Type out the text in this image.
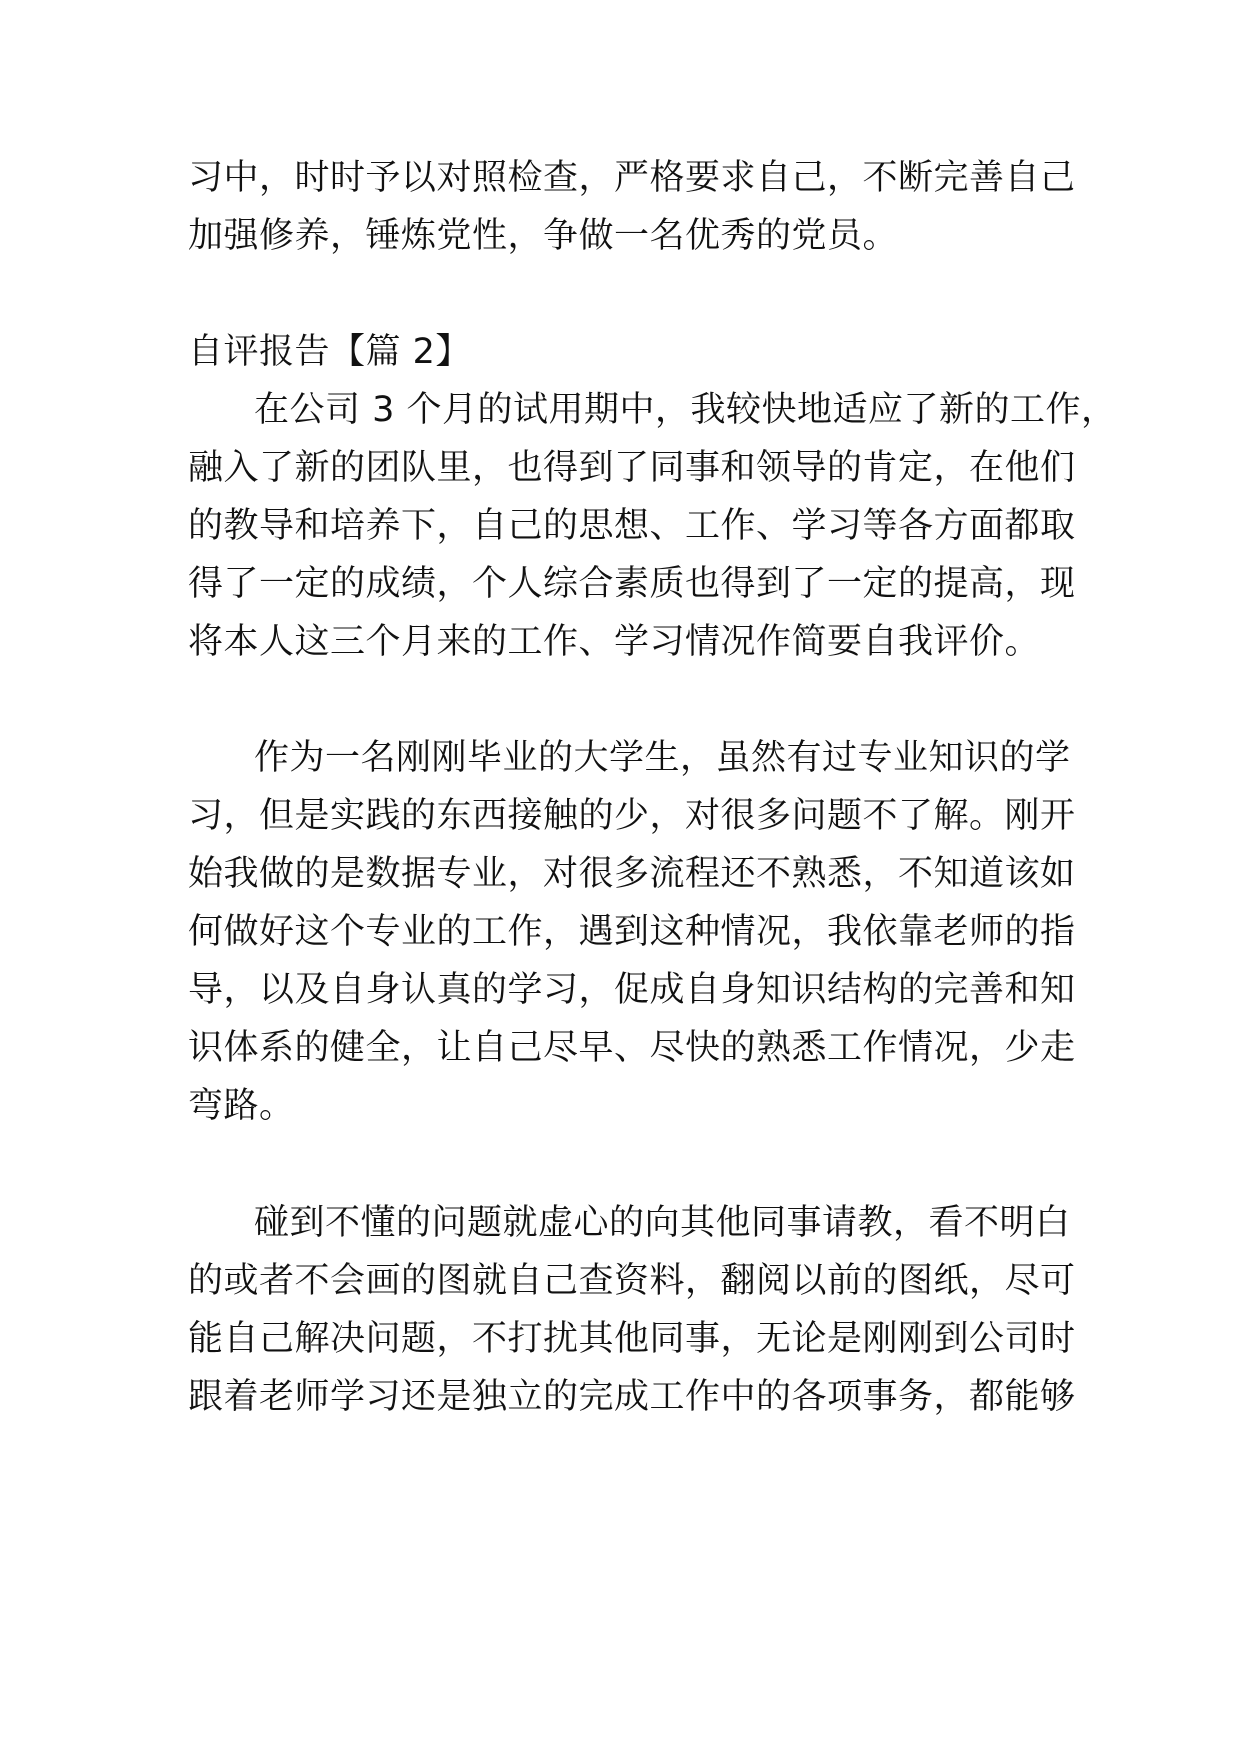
习中，时时予以对照检查，严格要求自己，不断完善自己
加强修养，锤炼党性，争做一名优秀的党员。
自评报告【篇 2】
在公司 3 个月的试用期中，我较快地适应了新的工作，
融入了新的团队里，也得到了同事和领导的肯定，在他们
的教导和培养下，自己的思想、工作、学习等各方面都取
得了一定的成绩，个人综合素质也得到了一定的提高，现
将本人这三个月来的工作、学习情况作简要自我评价。
作为一名刚刚毕业的大学生，虽然有过专业知识的学
习，但是实践的东西接触的少，对很多问题不了解。刚开
始我做的是数据专业，对很多流程还不熟悉，不知道该如
何做好这个专业的工作，遇到这种情况，我依靠老师的指
导，以及自身认真的学习，促成自身知识结构的完善和知
识体系的健全，让自己尽早、尽快的熟悉工作情况，少走
弯路。
碰到不懂的问题就虚心的向其他同事请教，看不明白
的或者不会画的图就自己查资料，翻阅以前的图纸，尽可
能自己解决问题，不打扰其他同事，无论是刚刚到公司时
跟着老师学习还是独立的完成工作中的各项事务，都能够
